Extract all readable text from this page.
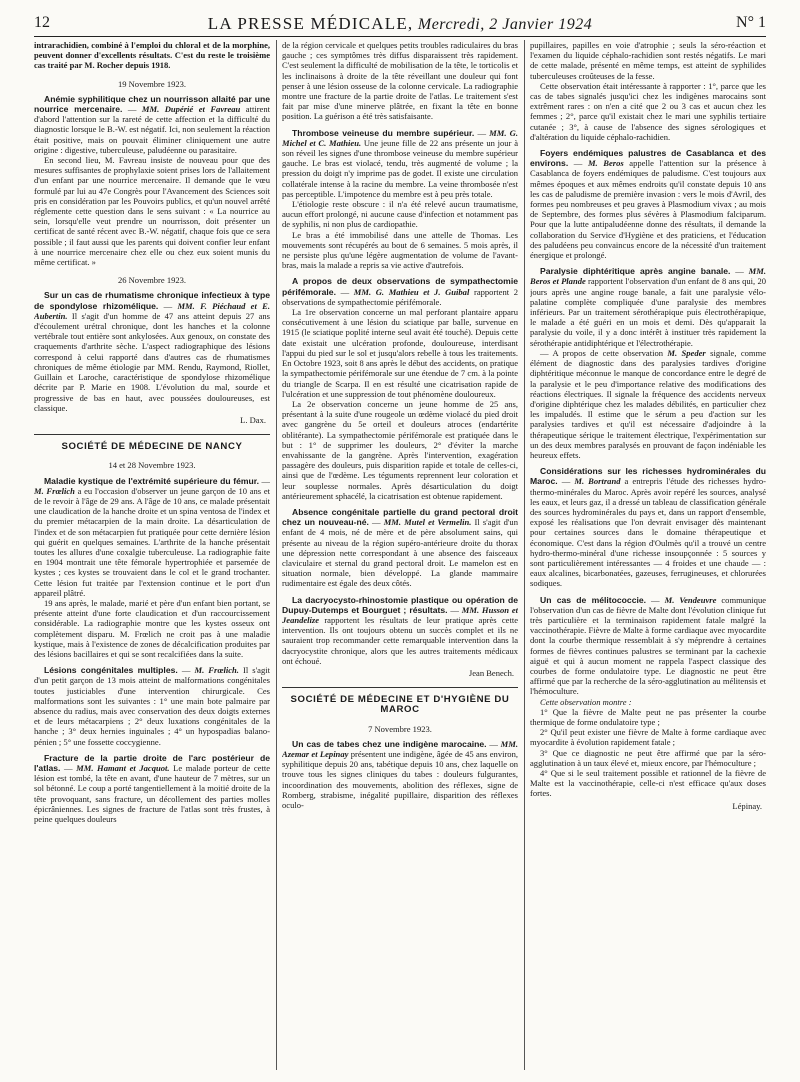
12	LA PRESSE MÉDICALE, Mercredi, 2 Janvier 1924	N° 1

intrarachidien, combiné à l'emploi du chloral et de la morphine, peuvent donner d'excellents résultats. C'est du reste le troisième cas traité par M. Rocher depuis 1918.

19 Novembre 1923.

Anémie syphilitique chez un nourrisson allaité par une nourrice mercenaire. — MM. Dupérié et Favreau attirent d'abord l'attention sur la rareté de cette affection et la difficulté du diagnostic lorsque le B.-W. est négatif. Ici, non seulement la réaction était positive, mais on pouvait éliminer cliniquement une autre origine : digestive, tuberculeuse, paludéenne ou parasitaire.

En second lieu, M. Favreau insiste de nouveau pour que des mesures suffisantes de prophylaxie soient prises lors de l'allaitement d'un enfant par une nourrice mercenaire. Il demande que le vœu formulé par lui au 47e Congrès pour l'Avancement des Sciences soit pris en considération par les Pouvoirs publics, et qu'un nouvel arrêté réglemente cette question dans le sens suivant : « La nourrice au sein, lorsqu'elle veut prendre un nourrisson, doit présenter un certificat de santé récent avec B.-W. négatif, chaque fois que ce sera possible ; il faut aussi que les parents qui doivent confier leur enfant à une nourrice mercenaire chez elle ou chez eux soient munis du même certificat. »

26 Novembre 1923.

Sur un cas de rhumatisme chronique infectieux à type de spondylose rhizomélique. — MM. F. Piéchaud et E. Aubertin. Il s'agit d'un homme de 47 ans atteint depuis 27 ans d'écoulement urétral chronique, dont les hanches et la colonne vertébrale tout entière sont ankylosées. Aux genoux, on constate des craquements d'arthrite sèche. L'aspect radiographique des lésions correspond à celui rapporté dans d'autres cas de rhumatismes chroniques de même étiologie par MM. Rendu, Raymond, Riollet, Guillain et Laroche, caractéristique de spondylose rhizomélique décrite par P. Marie en 1908. L'évolution du mal, sourde et progressive de bas en haut, avec poussées douloureuses, est classique.

L. Dax.

SOCIÉTÉ DE MÉDECINE DE NANCY

14 et 28 Novembre 1923.

Maladie kystique de l'extrémité supérieure du fémur. — M. Frœlich a eu l'occasion d'observer un jeune garçon de 10 ans et de le revoir à l'âge de 29 ans. A l'âge de 10 ans, ce malade présentait une claudication de la hanche droite et un spina ventosa de l'index et du premier métacarpien de la main droite. La désarticulation de l'index et de son métacarpien fut pratiquée pour cette dernière lésion qui guérit en quelques semaines. L'arthrite de la hanche présentait toutes les allures d'une coxalgie tuberculeuse. La radiographie faite en 1904 montrait une tête fémorale hypertrophiée et parsemée de kystes ; ces kystes se trouvaient dans le col et le grand trochanter. Cette lésion fut traitée par l'extension continue et le port d'un appareil plâtré.

19 ans après, le malade, marié et père d'un enfant bien portant, se présente atteint d'une forte claudication et d'un raccourcissement considérable. La radiographie montre que les kystes osseux ont complètement disparu. M. Frœlich ne croit pas à une maladie kystique, mais à l'existence de zones de décalcification produites par des lésions bacillaires et qui se sont recalcifiées dans la suite.

Lésions congénitales multiples. — M. Frœlich. Il s'agit d'un petit garçon de 13 mois atteint de malformations congénitales toutes justiciables d'une intervention chirurgicale. Ces malformations sont les suivantes : 1° une main bote palmaire par absence du radius, mais avec conservation des deux doigts externes et de leurs métacarpiens ; 2° deux luxations congénitales de la hanche ; 3° deux hernies inguinales ; 4° un hypospadias balano-pénien ; 5° une fossette coccygienne.

Fracture de la partie droite de l'arc postérieur de l'atlas. — MM. Hamant et Jacquot. Le malade porteur de cette lésion est tombé, la tête en avant, d'une hauteur de 7 mètres, sur un sol bétonné. Le coup a porté tangentiellement à la moitié droite de la tête provoquant, sans fracture, un décollement des parties molles épicrâniennes. Les signes de fracture de l'atlas sont très frustes, à peine quelques douleurs

de la région cervicale et quelques petits troubles radiculaires du bras gauche ; ces symptômes très diffus disparaissent très rapidement. C'est seulement la difficulté de mobilisation de la tête, le torticolis et les inclinaisons à droite de la tête réveillant une douleur qui font penser à une lésion osseuse de la colonne cervicale. La radiographie montre une fracture de la partie droite de l'atlas. Le traitement s'est fait par mise d'une minerve plâtrée, en fixant la tête en bonne position. La guérison a été très satisfaisante.

Thrombose veineuse du membre supérieur. — MM. G. Michel et C. Mathieu. Une jeune fille de 22 ans présente un jour à son réveil les signes d'une thrombose veineuse du membre supérieur gauche. Le bras est violacé, tendu, très augmenté de volume ; la pression du doigt n'y imprime pas de godet. Il existe une circulation collatérale intense à la racine du membre. La veine thrombosée n'est pas perceptible. L'impotence du membre est à peu près totale.

L'étiologie reste obscure : il n'a été relevé aucun traumatisme, aucun effort prolongé, ni aucune cause d'infection et notamment pas de syphilis, ni non plus de cardiopathie.

Le bras a été immobilisé dans une attelle de Thomas. Les mouvements sont récupérés au bout de 6 semaines. 5 mois après, il ne persiste plus qu'une légère augmentation de volume de l'avant-bras, mais la malade a repris sa vie active d'autrefois.

A propos de deux observations de sympathectomie périfémorale. — MM. G. Mathieu et J. Guibal rapportent 2 observations de sympathectomie périfémorale.

La 1re observation concerne un mal perforant plantaire apparu consécutivement à une lésion du sciatique par balle, survenue en 1915 (le sciatique poplité interne seul avait été touché). Depuis cette date existait une ulcération profonde, douloureuse, interdisant l'appui du pied sur le sol et jusqu'alors rebelle à tous les traitements. En Octobre 1923, soit 8 ans après le début des accidents, on pratique la sympathectomie périfémorale sur une étendue de 7 cm. à la pointe du triangle de Scarpa. Il en est résulté une cicatrisation rapide de l'ulcération et une suppression de tout phénomène douloureux.

La 2e observation concerne un jeune homme de 25 ans, présentant à la suite d'une rougeole un œdème violacé du pied droit avec gangrène du 5e orteil et douleurs atroces (endartérite oblitérante). La sympathectomie périfémorale est pratiquée dans le but : 1° de supprimer les douleurs, 2° d'éviter la marche envahissante de la gangrène. Après l'intervention, exagération passagère des douleurs, puis disparition rapide et totale de celles-ci, ainsi que de l'œdème. Les téguments reprennent leur coloration et leur souplesse normales. Après désarticulation du doigt antérieurement sphacélé, la cicatrisation est obtenue rapidement.

Absence congénitale partielle du grand pectoral droit chez un nouveau-né. — MM. Mutel et Vermelin. Il s'agit d'un enfant de 4 mois, né de mère et de père absolument sains, qui présente au niveau de la région supéro-antérieure droite du thorax une dépression nette correspondant à une absence des faisceaux claviculaire et sternal du grand pectoral droit. Le mamelon est en situation normale, bien développé. La glande mammaire rudimentaire est égale des deux côtés.

La dacryocysto-rhinostomie plastique ou opération de Dupuy-Dutemps et Bourguet ; résultats. — MM. Husson et Jeandelize rapportent les résultats de leur pratique après cette intervention. Ils ont toujours obtenu un succès complet et ils ne sauraient trop recommander cette remarquable intervention dans la dacryocystite chronique, alors que les autres traitements médicaux ont échoué.

Jean Benech.

SOCIÉTÉ DE MÉDECINE ET D'HYGIÈNE DU MAROC

7 Novembre 1923.

Un cas de tabes chez une indigène marocaine. — MM. Azemar et Lepinay présentent une indigène, âgée de 45 ans environ, syphilitique depuis 20 ans, tabétique depuis 10 ans, chez laquelle on trouve tous les signes cliniques du tabes : douleurs fulgurantes, incoordination des mouvements, abolition des réflexes, signe de Romberg, strabisme, inégalité pupillaire, disparition des réflexes oculo-

pupillaires, papilles en voie d'atrophie ; seuls la séro-réaction et l'examen du liquide céphalo-rachidien sont restés négatifs. Le mari de cette malade, présenté en même temps, est atteint de syphilides tuberculeuses croûteuses de la fesse.

Cette observation était intéressante à rapporter : 1°, parce que les cas de tabes signalés jusqu'ici chez les indigènes marocains sont extrêment rares : on n'en a cité que 2 ou 3 cas et aucun chez les femmes ; 2°, parce qu'il existait chez le mari une syphilis tertiaire cutanée ; 3°, à cause de l'absence des signes sérologiques et d'altération du liquide céphalo-rachidien.

Foyers endémiques palustres de Casablanca et des environs. — M. Beros appelle l'attention sur la présence à Casablanca de foyers endémiques de paludisme. C'est toujours aux mêmes époques et aux mêmes endroits qu'il constate depuis 10 ans les cas de paludisme de première invasion : vers le mois d'Avril, des formes peu nombreuses et peu graves à Plasmodium vivax ; au mois de Septembre, des formes plus sévères à Plasmodium falciparum. Pour que la lutte antipaludéenne donne des résultats, il demande la collaboration du Service d'Hygiène et des praticiens, et l'éducation des paludéens peu convaincus encore de la nécessité d'un traitement énergique et prolongé.

Paralysie diphtéritique après angine banale. — MM. Beros et Plande rapportent l'observation d'un enfant de 8 ans qui, 20 jours après une angine rouge banale, a fait une paralysie vélo-palatine complète compliquée d'une paralysie des membres inférieurs. Par un traitement sérothérapique puis électrothérapique, le malade a été guéri en un mois et demi. Dès qu'apparait la paralysie du voile, il y a donc intérêt à instituer très rapidement la sérothérapie antidiphtérique et l'électrothérapie.

— A propos de cette observation M. Speder signale, comme élément de diagnostic dans des paralysies tardives d'origine diphtéritique méconnue le manque de concordance entre le degré de la paralysie et le peu d'importance relative des modifications des réactions électriques. Il signale la fréquence des accidents nerveux d'origine diphtérique chez les malades débilités, en particulier chez les impaludés. Il estime que le sérum a peu d'action sur les paralysies tardives et qu'il est nécessaire d'adjoindre à la thérapeutique sérique le traitement électrique, l'expérimentation sur un des deux membres paralysés en prouvant de façon indéniable les heureux effets.

Considérations sur les richesses hydrominérales du Maroc. — M. Bortrand a entrepris l'étude des richesses hydro-thermo-minérales du Maroc. Après avoir repéré les sources, analysé les eaux, et leurs gaz, il a dressé un tableau de classification générale des sources hydrominérales du pays et, dans un rapport d'ensemble, exposé les réalisations que l'on devrait envisager dès maintenant pour certaines sources dans le domaine thérapeutique et économique. C'est dans la région d'Oulmès qu'il a trouvé un centre hydro-thermo-minéral d'une richesse insoupçonnée : 5 sources y sont particulièrement intéressantes — 4 froides et une chaude — : eaux alcalines, bicarbonatées, gazeuses, ferrugineuses, et chlorurées sodiques.

Un cas de mélitococcie. — M. Vendeuvre communique l'observation d'un cas de fièvre de Malte dont l'évolution clinique fut très particulière et la terminaison rapidement fatale malgré la vaccinothérapie. Fièvre de Malte à forme cardiaque avec myocardite dont la courbe thermique ressemblait à s'y méprendre à certaines formes de fièvres continues palustres se terminant par la cachexie aiguë et qui à aucun moment ne rappela l'aspect classique des courbes de forme ondulatoire type. Le diagnostic ne peut être affirmé que par la recherche de la séro-agglutination au mélitensis et l'hémoculture.

Cette observation montre :

1° Que la fièvre de Malte peut ne pas présenter la courbe thermique de forme ondulatoire type ;

2° Qu'il peut exister une fièvre de Malte à forme cardiaque avec myocardite à évolution rapidement fatale ;

3° Que ce diagnostic ne peut être affirmé que par la séro-agglutination à un taux élevé et, mieux encore, par l'hémoculture ;

4° Que si le seul traitement possible et rationnel de la fièvre de Malte est la vaccinothérapie, celle-ci n'est efficace qu'aux doses fortes.

Lépinay.
